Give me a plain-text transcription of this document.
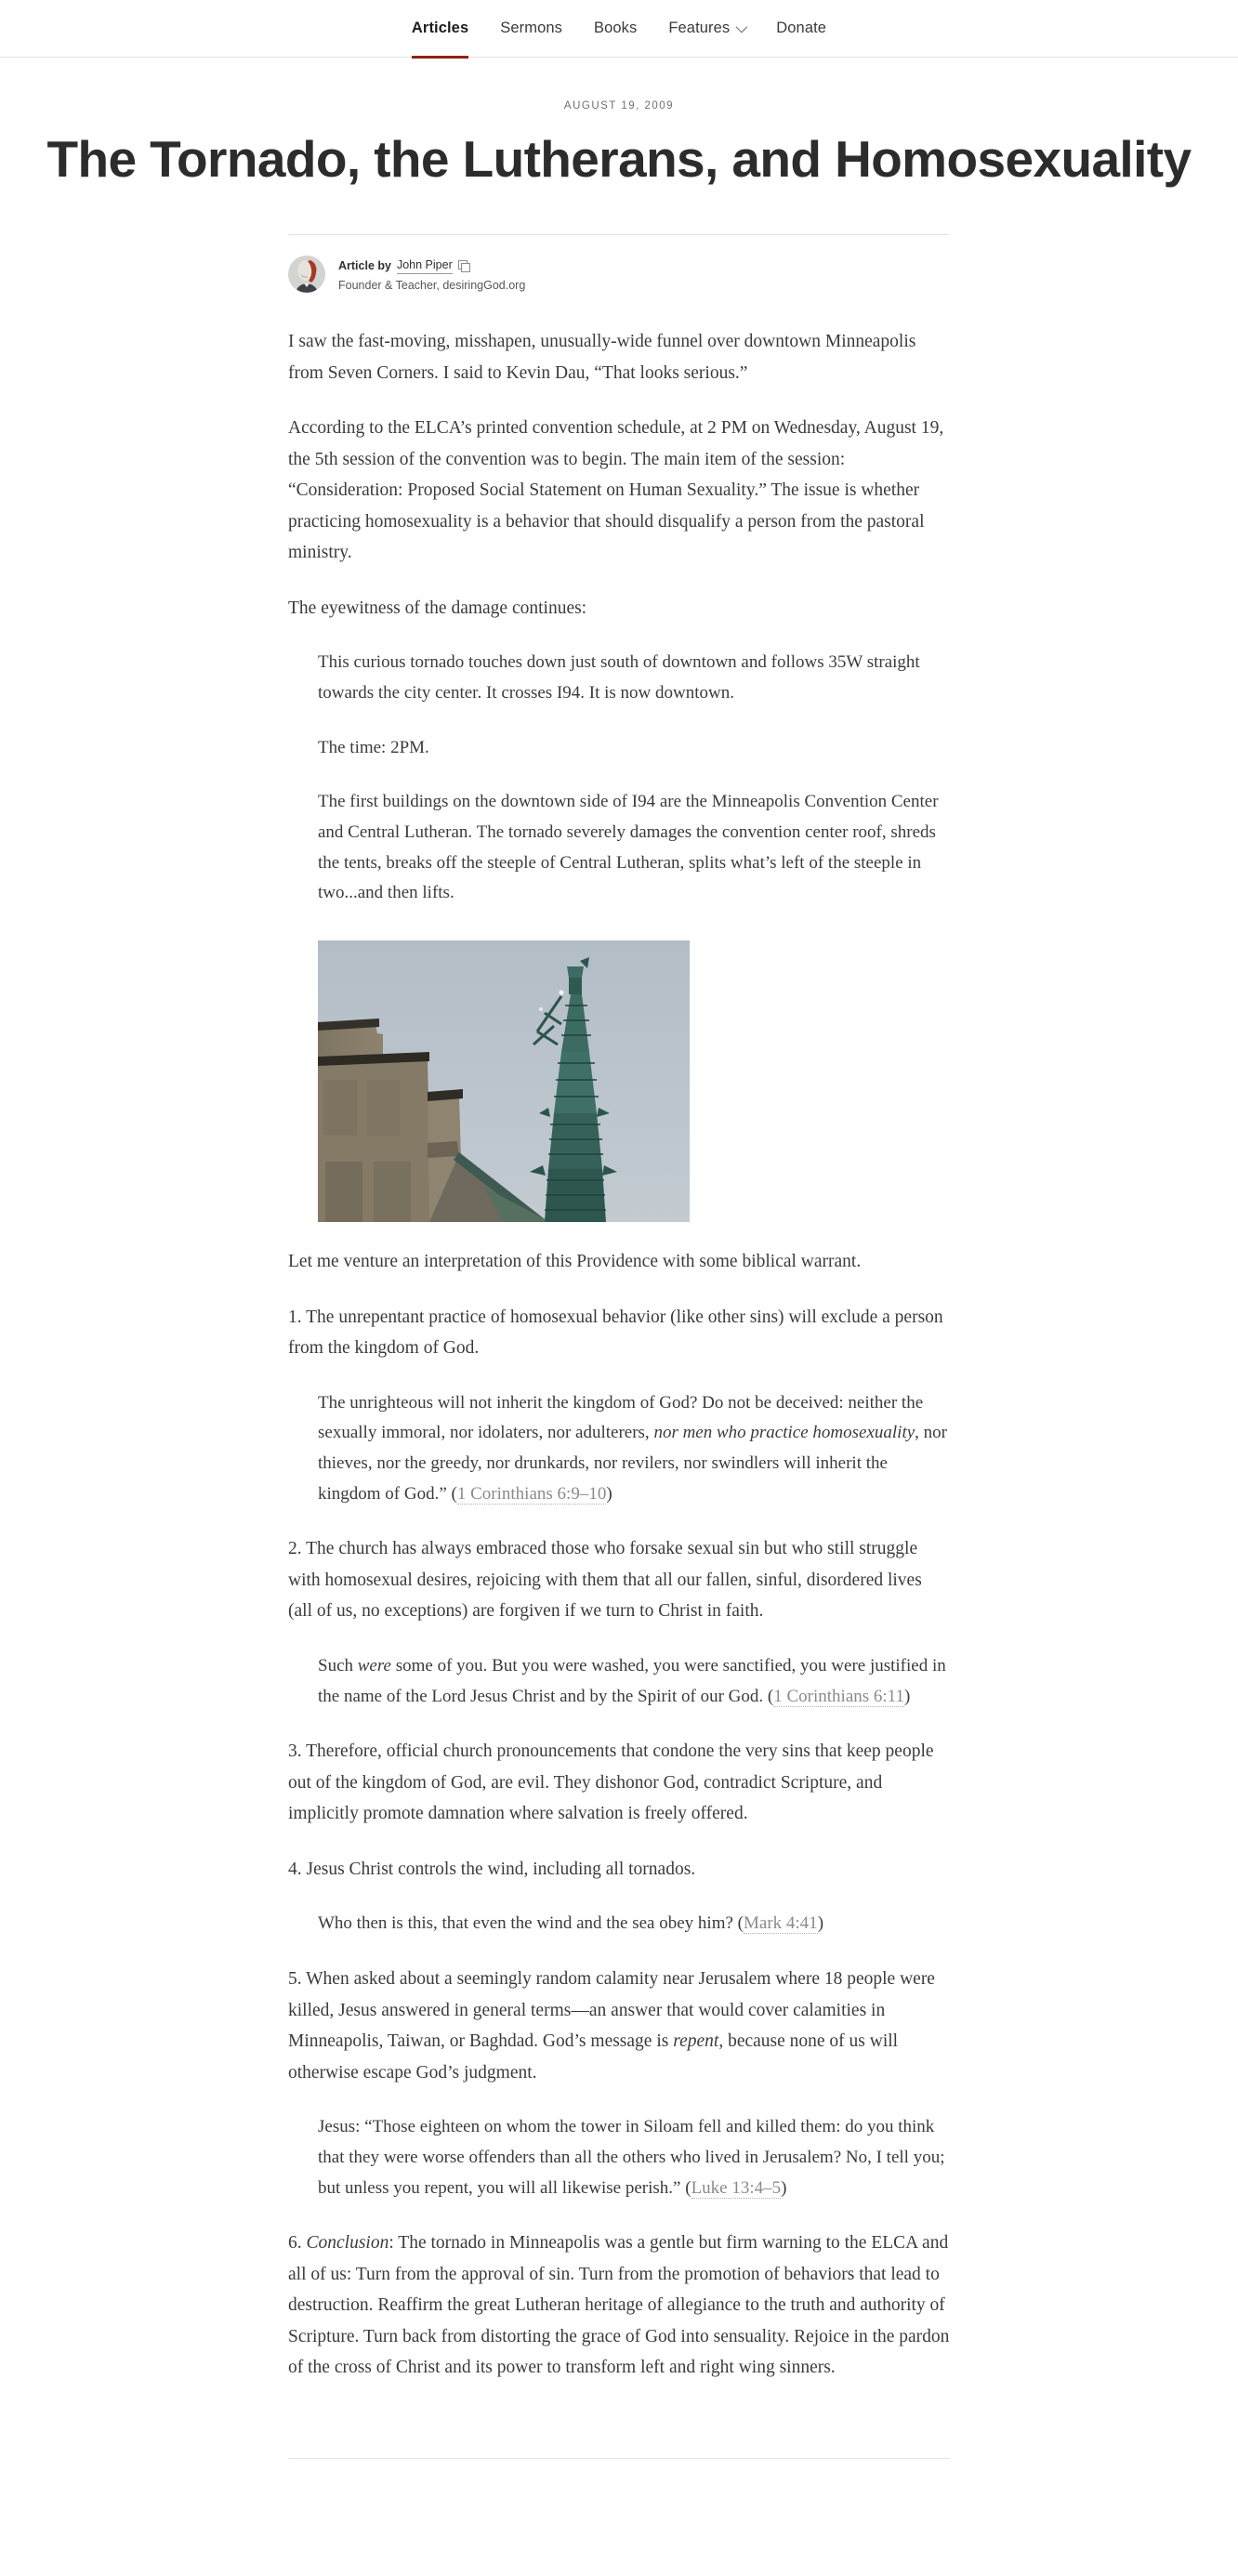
Articles Sermons Books Features	Donate
AUGUST 19, 2009
The Tornado, the Lutherans, and Homosexuality
Article by John Piper
Founder & Teacher, desiringGod.org

I saw the fast-moving, misshapen, unusually-wide funnel over downtown Minneapolis from Seven Corners. I said to Kevin Dau, “That looks serious.”

According to the ELCA’s printed convention schedule, at 2 PM on Wednesday, August 19, the 5th session of the convention was to begin. The main item of the session: “Consideration: Proposed Social Statement on Human Sexuality.” The issue is whether practicing homosexuality is a behavior that should disqualify a person from the pastoral ministry.

The eyewitness of the damage continues:

This curious tornado touches down just south of downtown and follows 35W straight towards the city center. It crosses I94. It is now downtown.

The time: 2PM.

The first buildings on the downtown side of I94 are the Minneapolis Convention Center and Central Lutheran. The tornado severely damages the convention center roof, shreds the tents, breaks off the steeple of Central Lutheran, splits what’s left of the steeple in two...and then lifts.

Let me venture an interpretation of this Providence with some biblical warrant.

1. The unrepentant practice of homosexual behavior (like other sins) will exclude a person from the kingdom of God.

The unrighteous will not inherit the kingdom of God? Do not be deceived: neither the sexually immoral, nor idolaters, nor adulterers, nor men who practice homosexuality, nor thieves, nor the greedy, nor drunkards, nor revilers, nor swindlers will inherit the kingdom of God.” (1 Corinthians 6:9–10)

2. The church has always embraced those who forsake sexual sin but who still struggle with homosexual desires, rejoicing with them that all our fallen, sinful, disordered lives (all of us, no exceptions) are forgiven if we turn to Christ in faith.

Such were some of you. But you were washed, you were sanctified, you were justified in the name of the Lord Jesus Christ and by the Spirit of our God. (1 Corinthians 6:11)

3. Therefore, official church pronouncements that condone the very sins that keep people out of the kingdom of God, are evil. They dishonor God, contradict Scripture, and implicitly promote damnation where salvation is freely offered.

4. Jesus Christ controls the wind, including all tornados.

Who then is this, that even the wind and the sea obey him? (Mark 4:41)

5. When asked about a seemingly random calamity near Jerusalem where 18 people were killed, Jesus answered in general terms—an answer that would cover calamities in Minneapolis, Taiwan, or Baghdad. God’s message is repent, because none of us will otherwise escape God’s judgment.

Jesus: “Those eighteen on whom the tower in Siloam fell and killed them: do you think that they were worse offenders than all the others who lived in Jerusalem? No, I tell you; but unless you repent, you will all likewise perish.” (Luke 13:4–5)

6. Conclusion: The tornado in Minneapolis was a gentle but firm warning to the ELCA and all of us: Turn from the approval of sin. Turn from the promotion of behaviors that lead to destruction. Reaffirm the great Lutheran heritage of allegiance to the truth and authority of Scripture. Turn back from distorting the grace of God into sensuality. Rejoice in the pardon of the cross of Christ and its power to transform left and right wing sinners.
